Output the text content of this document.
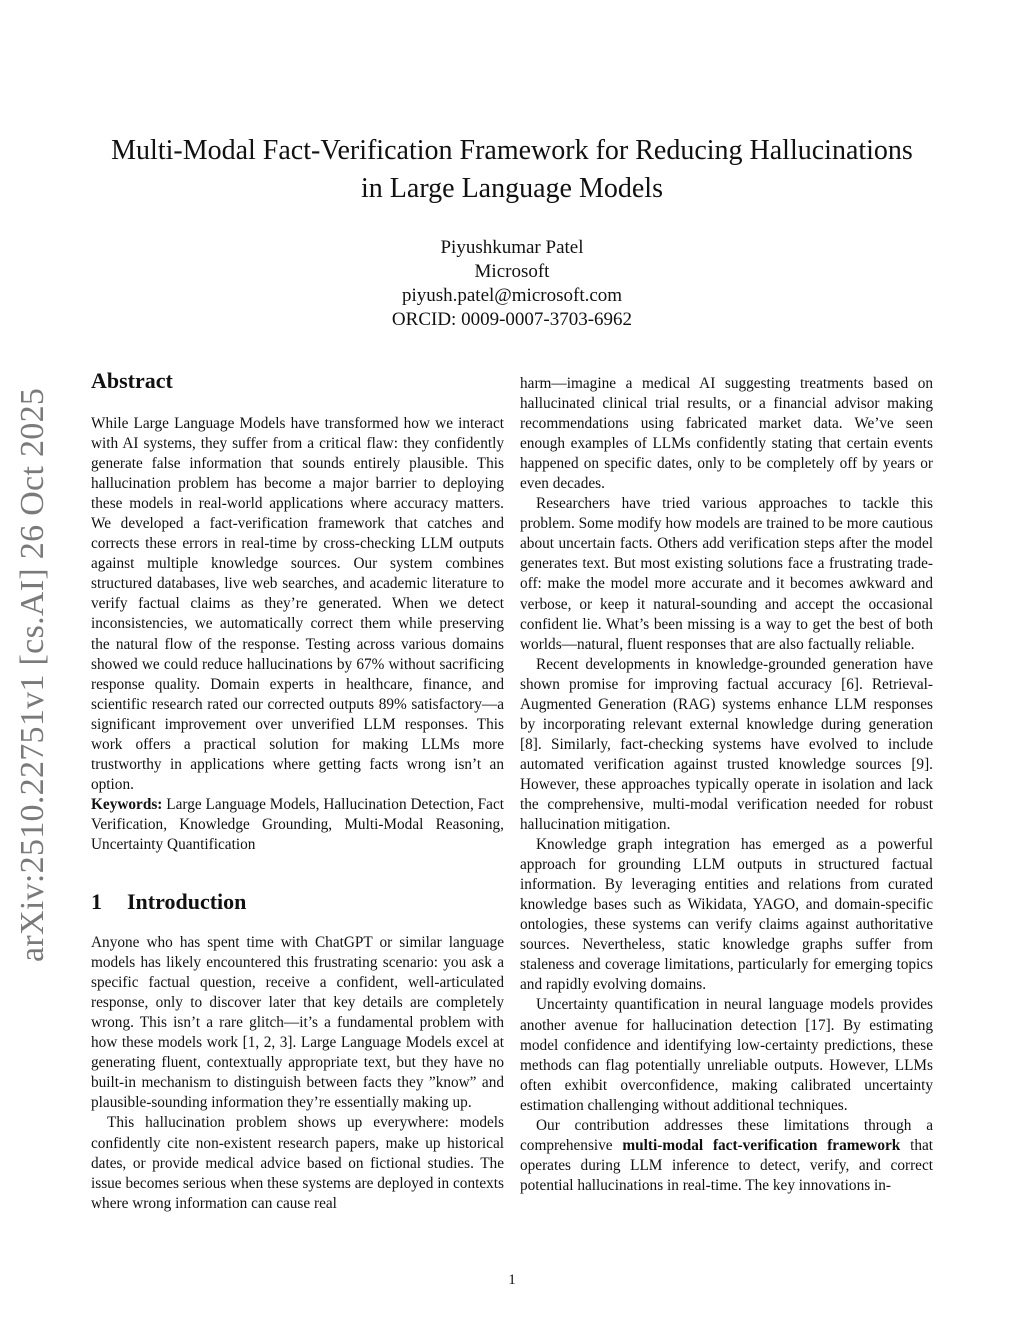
arXiv:2510.22751v1 [cs.AI] 26 Oct 2025
Multi-Modal Fact-Verification Framework for Reducing Hallucinations
in Large Language Models
Piyushkumar Patel
Microsoft
piyush.patel@microsoft.com
ORCID: 0009-0007-3703-6962
Abstract

While Large Language Models have transformed how we interact with AI systems, they suffer from a critical flaw: they confidently generate false information that sounds entirely plausible. This hallucination problem has become a major barrier to deploying these models in real-world applications where accuracy matters. We developed a fact-verification framework that catches and corrects these errors in real-time by cross-checking LLM outputs against multiple knowledge sources. Our system combines structured databases, live web searches, and academic literature to verify factual claims as they’re generated. When we detect inconsistencies, we automatically correct them while preserving the natural flow of the response. Testing across various domains showed we could reduce hallucinations by 67% without sacrificing response quality. Domain experts in healthcare, finance, and scientific research rated our corrected outputs 89% satisfactory—a significant improvement over unverified LLM responses. This work offers a practical solution for making LLMs more trustworthy in applications where getting facts wrong isn’t an option.

Keywords: Large Language Models, Hallucination Detection, Fact Verification, Knowledge Grounding, Multi-Modal Reasoning, Uncertainty Quantification

1 Introduction

Anyone who has spent time with ChatGPT or similar language models has likely encountered this frustrating scenario: you ask a specific factual question, receive a confident, well-articulated response, only to discover later that key details are completely wrong. This isn’t a rare glitch—it’s a fundamental problem with how these models work [1, 2, 3]. Large Language Models excel at generating fluent, contextually appropriate text, but they have no built-in mechanism to distinguish between facts they ”know” and plausible-sounding information they’re essentially making up.

This hallucination problem shows up everywhere: models confidently cite non-existent research papers, make up historical dates, or provide medical advice based on fictional studies. The issue becomes serious when these systems are deployed in contexts where wrong information can cause real

harm—imagine a medical AI suggesting treatments based on hallucinated clinical trial results, or a financial advisor making recommendations using fabricated market data. We’ve seen enough examples of LLMs confidently stating that certain events happened on specific dates, only to be completely off by years or even decades.

Researchers have tried various approaches to tackle this problem. Some modify how models are trained to be more cautious about uncertain facts. Others add verification steps after the model generates text. But most existing solutions face a frustrating trade-off: make the model more accurate and it becomes awkward and verbose, or keep it natural-sounding and accept the occasional confident lie. What’s been missing is a way to get the best of both worlds—natural, fluent responses that are also factually reliable.

Recent developments in knowledge-grounded generation have shown promise for improving factual accuracy [6]. Retrieval-Augmented Generation (RAG) systems enhance LLM responses by incorporating relevant external knowledge during generation [8]. Similarly, fact-checking systems have evolved to include automated verification against trusted knowledge sources [9]. However, these approaches typically operate in isolation and lack the comprehensive, multi-modal verification needed for robust hallucination mitigation.

Knowledge graph integration has emerged as a powerful approach for grounding LLM outputs in structured factual information. By leveraging entities and relations from curated knowledge bases such as Wikidata, YAGO, and domain-specific ontologies, these systems can verify claims against authoritative sources. Nevertheless, static knowledge graphs suffer from staleness and coverage limitations, particularly for emerging topics and rapidly evolving domains.

Uncertainty quantification in neural language models provides another avenue for hallucination detection [17]. By estimating model confidence and identifying low-certainty predictions, these methods can flag potentially unreliable outputs. However, LLMs often exhibit overconfidence, making calibrated uncertainty estimation challenging without additional techniques.

Our contribution addresses these limitations through a comprehensive multi-modal fact-verification framework that operates during LLM inference to detect, verify, and correct potential hallucinations in real-time. The key innovations in-

1
